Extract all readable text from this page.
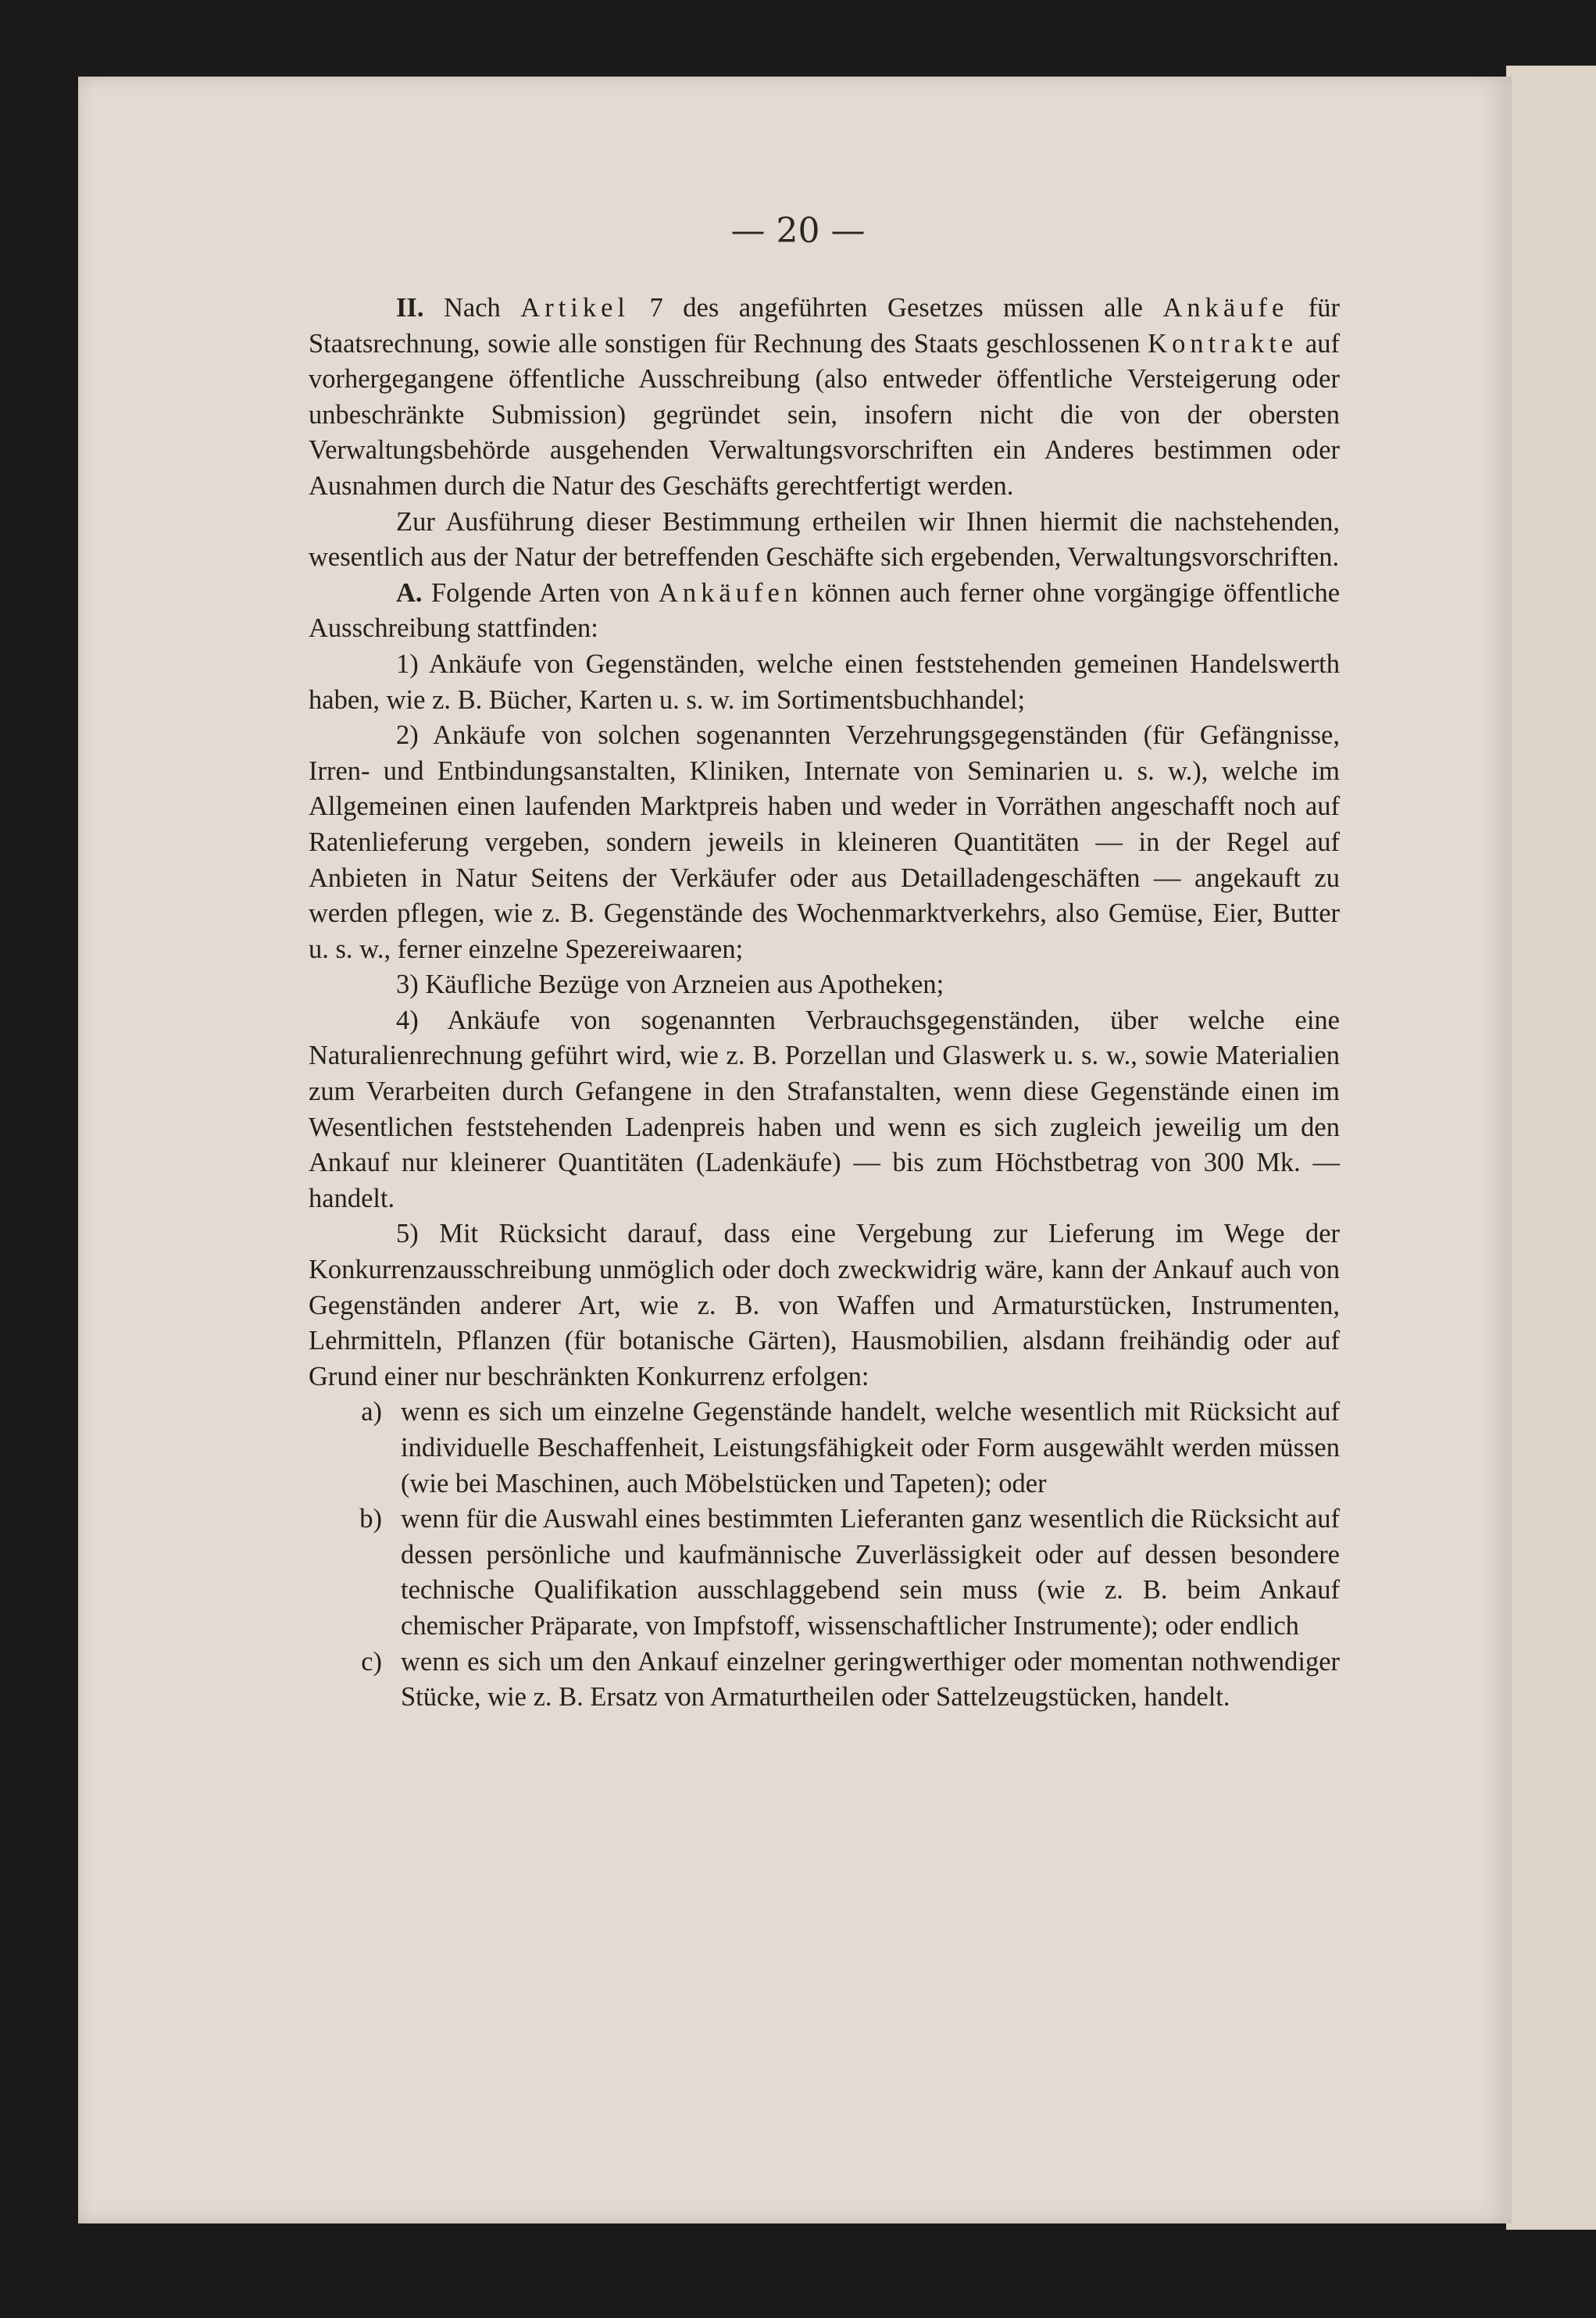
— 20 —

II. Nach Artikel 7 des angeführten Gesetzes müssen alle Ankäufe für Staatsrechnung, sowie alle sonstigen für Rechnung des Staats geschlossenen Kontrakte auf vorhergegangene öffentliche Ausschreibung (also entweder öffentliche Versteigerung oder unbeschränkte Submission) gegründet sein, insofern nicht die von der obersten Verwaltungsbehörde ausgehenden Verwaltungsvorschriften ein Anderes bestimmen oder Ausnahmen durch die Natur des Geschäfts gerechtfertigt werden.

Zur Ausführung dieser Bestimmung ertheilen wir Ihnen hiermit die nachstehenden, wesentlich aus der Natur der betreffenden Geschäfte sich ergebenden, Verwaltungsvorschriften.

A. Folgende Arten von Ankäufen können auch ferner ohne vorgängige öffentliche Ausschreibung stattfinden:

1) Ankäufe von Gegenständen, welche einen feststehenden gemeinen Handelswerth haben, wie z. B. Bücher, Karten u. s. w. im Sortimentsbuchhandel;

2) Ankäufe von solchen sogenannten Verzehrungsgegenständen (für Gefängnisse, Irren- und Entbindungsanstalten, Kliniken, Internate von Seminarien u. s. w.), welche im Allgemeinen einen laufenden Marktpreis haben und weder in Vorräthen angeschafft noch auf Ratenlieferung vergeben, sondern jeweils in kleineren Quantitäten — in der Regel auf Anbieten in Natur Seitens der Verkäufer oder aus Detailladengeschäften — angekauft zu werden pflegen, wie z. B. Gegenstände des Wochenmarktverkehrs, also Gemüse, Eier, Butter u. s. w., ferner einzelne Spezereiwaaren;

3) Käufliche Bezüge von Arzneien aus Apotheken;

4) Ankäufe von sogenannten Verbrauchsgegenständen, über welche eine Naturalienrechnung geführt wird, wie z. B. Porzellan und Glaswerk u. s. w., sowie Materialien zum Verarbeiten durch Gefangene in den Strafanstalten, wenn diese Gegenstände einen im Wesentlichen feststehenden Ladenpreis haben und wenn es sich zugleich jeweilig um den Ankauf nur kleinerer Quantitäten (Ladenkäufe) — bis zum Höchstbetrag von 300 Mk. — handelt.

5) Mit Rücksicht darauf, dass eine Vergebung zur Lieferung im Wege der Konkurrenzausschreibung unmöglich oder doch zweckwidrig wäre, kann der Ankauf auch von Gegenständen anderer Art, wie z. B. von Waffen und Armaturstücken, Instrumenten, Lehrmitteln, Pflanzen (für botanische Gärten), Hausmobilien, alsdann freihändig oder auf Grund einer nur beschränkten Konkurrenz erfolgen:

a) wenn es sich um einzelne Gegenstände handelt, welche wesentlich mit Rücksicht auf individuelle Beschaffenheit, Leistungsfähigkeit oder Form ausgewählt werden müssen (wie bei Maschinen, auch Möbelstücken und Tapeten); oder
b) wenn für die Auswahl eines bestimmten Lieferanten ganz wesentlich die Rücksicht auf dessen persönliche und kaufmännische Zuverlässigkeit oder auf dessen besondere technische Qualifikation ausschlaggebend sein muss (wie z. B. beim Ankauf chemischer Präparate, von Impfstoff, wissenschaftlicher Instrumente); oder endlich
c) wenn es sich um den Ankauf einzelner geringwerthiger oder momentan nothwendiger Stücke, wie z. B. Ersatz von Armaturtheilen oder Sattelzeugstücken, handelt.
